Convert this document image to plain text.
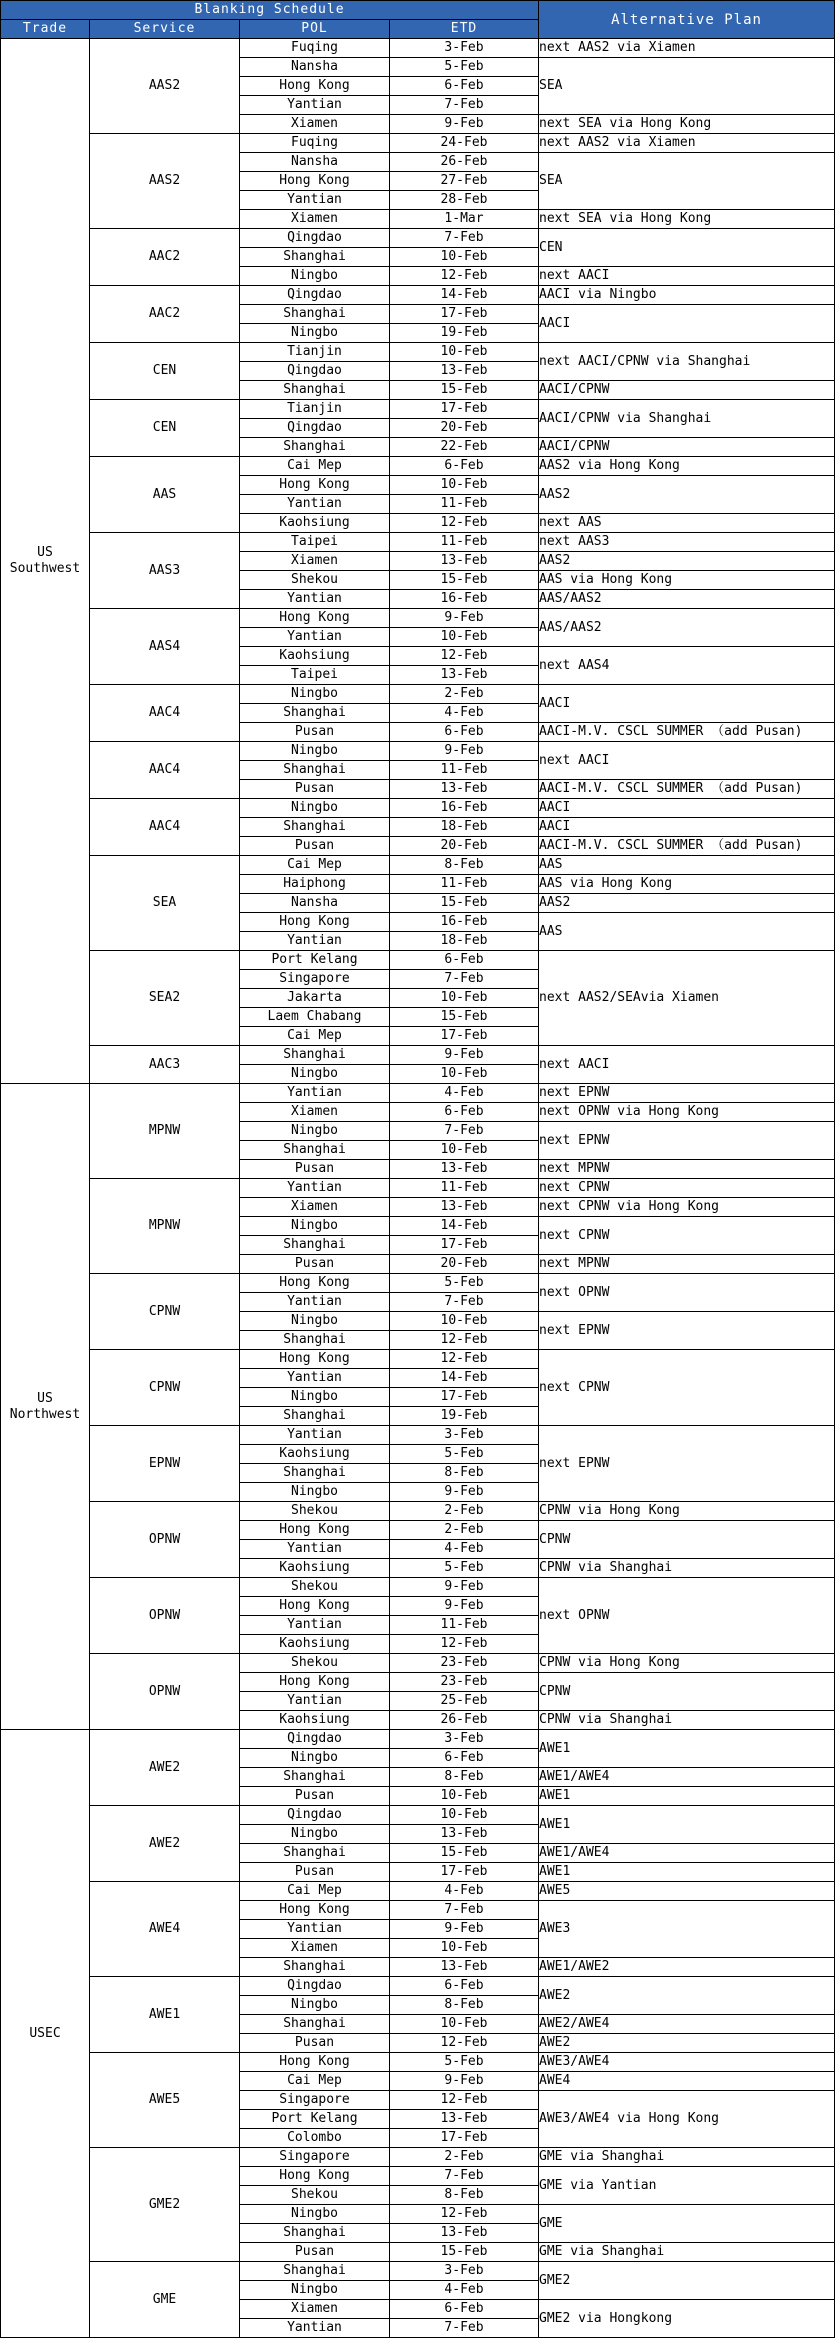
Blanking Schedule				Alternative Plan
Trade	Service	POL	ETD	
US
Southwest	AAS2	Fuqing	3-Feb	next AAS2 via Xiamen
		Nansha	5-Feb	SEA
		Hong Kong	6-Feb	
		Yantian	7-Feb	
		Xiamen	9-Feb	next SEA via Hong Kong
	AAS2	Fuqing	24-Feb	next AAS2 via Xiamen
		Nansha	26-Feb	SEA
		Hong Kong	27-Feb	
		Yantian	28-Feb	
		Xiamen	1-Mar	next SEA via Hong Kong
	AAC2	Qingdao	7-Feb	CEN
		Shanghai	10-Feb	
		Ningbo	12-Feb	next AACI
	AAC2	Qingdao	14-Feb	AACI via Ningbo
		Shanghai	17-Feb	AACI
		Ningbo	19-Feb	
	CEN	Tianjin	10-Feb	next AACI/CPNW via Shanghai
		Qingdao	13-Feb	
		Shanghai	15-Feb	AACI/CPNW
	CEN	Tianjin	17-Feb	AACI/CPNW via Shanghai
		Qingdao	20-Feb	
		Shanghai	22-Feb	AACI/CPNW
	AAS	Cai Mep	6-Feb	AAS2 via Hong Kong
		Hong Kong	10-Feb	AAS2
		Yantian	11-Feb	
		Kaohsiung	12-Feb	next AAS
	AAS3	Taipei	11-Feb	next AAS3
		Xiamen	13-Feb	AAS2
		Shekou	15-Feb	AAS via Hong Kong
		Yantian	16-Feb	AAS/AAS2
	AAS4	Hong Kong	9-Feb	AAS/AAS2
		Yantian	10-Feb	
		Kaohsiung	12-Feb	next AAS4
		Taipei	13-Feb	
	AAC4	Ningbo	2-Feb	AACI
		Shanghai	4-Feb	
		Pusan	6-Feb	AACI-M.V. CSCL SUMMER （add Pusan)
	AAC4	Ningbo	9-Feb	next AACI
		Shanghai	11-Feb	
		Pusan	13-Feb	AACI-M.V. CSCL SUMMER （add Pusan)
	AAC4	Ningbo	16-Feb	AACI
		Shanghai	18-Feb	AACI
		Pusan	20-Feb	AACI-M.V. CSCL SUMMER （add Pusan)
	SEA	Cai Mep	8-Feb	AAS
		Haiphong	11-Feb	AAS via Hong Kong
		Nansha	15-Feb	AAS2
		Hong Kong	16-Feb	AAS
		Yantian	18-Feb	
	SEA2	Port Kelang	6-Feb	next AAS2/SEAvia Xiamen
		Singapore	7-Feb	
		Jakarta	10-Feb	
		Laem Chabang	15-Feb	
		Cai Mep	17-Feb	
	AAC3	Shanghai	9-Feb	next AACI
		Ningbo	10-Feb	
US
Northwest	MPNW	Yantian	4-Feb	next EPNW
		Xiamen	6-Feb	next OPNW via Hong Kong
		Ningbo	7-Feb	next EPNW
		Shanghai	10-Feb	
		Pusan	13-Feb	next MPNW
	MPNW	Yantian	11-Feb	next CPNW
		Xiamen	13-Feb	next CPNW via Hong Kong
		Ningbo	14-Feb	next CPNW
		Shanghai	17-Feb	
		Pusan	20-Feb	next MPNW
	CPNW	Hong Kong	5-Feb	next OPNW
		Yantian	7-Feb	
		Ningbo	10-Feb	next EPNW
		Shanghai	12-Feb	
	CPNW	Hong Kong	12-Feb	next CPNW
		Yantian	14-Feb	
		Ningbo	17-Feb	
		Shanghai	19-Feb	
	EPNW	Yantian	3-Feb	next EPNW
		Kaohsiung	5-Feb	
		Shanghai	8-Feb	
		Ningbo	9-Feb	
	OPNW	Shekou	2-Feb	CPNW via Hong Kong
		Hong Kong	2-Feb	CPNW
		Yantian	4-Feb	
		Kaohsiung	5-Feb	CPNW via Shanghai
	OPNW	Shekou	9-Feb	next OPNW
		Hong Kong	9-Feb	
		Yantian	11-Feb	
		Kaohsiung	12-Feb	
	OPNW	Shekou	23-Feb	CPNW via Hong Kong
		Hong Kong	23-Feb	CPNW
		Yantian	25-Feb	
		Kaohsiung	26-Feb	CPNW via Shanghai
USEC	AWE2	Qingdao	3-Feb	AWE1
		Ningbo	6-Feb	
		Shanghai	8-Feb	AWE1/AWE4
		Pusan	10-Feb	AWE1
	AWE2	Qingdao	10-Feb	AWE1
		Ningbo	13-Feb	
		Shanghai	15-Feb	AWE1/AWE4
		Pusan	17-Feb	AWE1
	AWE4	Cai Mep	4-Feb	AWE5
		Hong Kong	7-Feb	AWE3
		Yantian	9-Feb	
		Xiamen	10-Feb	
		Shanghai	13-Feb	AWE1/AWE2
	AWE1	Qingdao	6-Feb	AWE2
		Ningbo	8-Feb	
		Shanghai	10-Feb	AWE2/AWE4
		Pusan	12-Feb	AWE2
	AWE5	Hong Kong	5-Feb	AWE3/AWE4
		Cai Mep	9-Feb	AWE4
		Singapore	12-Feb	AWE3/AWE4 via Hong Kong
		Port Kelang	13-Feb	
		Colombo	17-Feb	
	GME2	Singapore	2-Feb	GME via Shanghai
		Hong Kong	7-Feb	GME via Yantian
		Shekou	8-Feb	
		Ningbo	12-Feb	GME
		Shanghai	13-Feb	
		Pusan	15-Feb	GME via Shanghai
	GME	Shanghai	3-Feb	GME2
		Ningbo	4-Feb	
		Xiamen	6-Feb	GME2 via Hongkong
		Yantian	7-Feb	
